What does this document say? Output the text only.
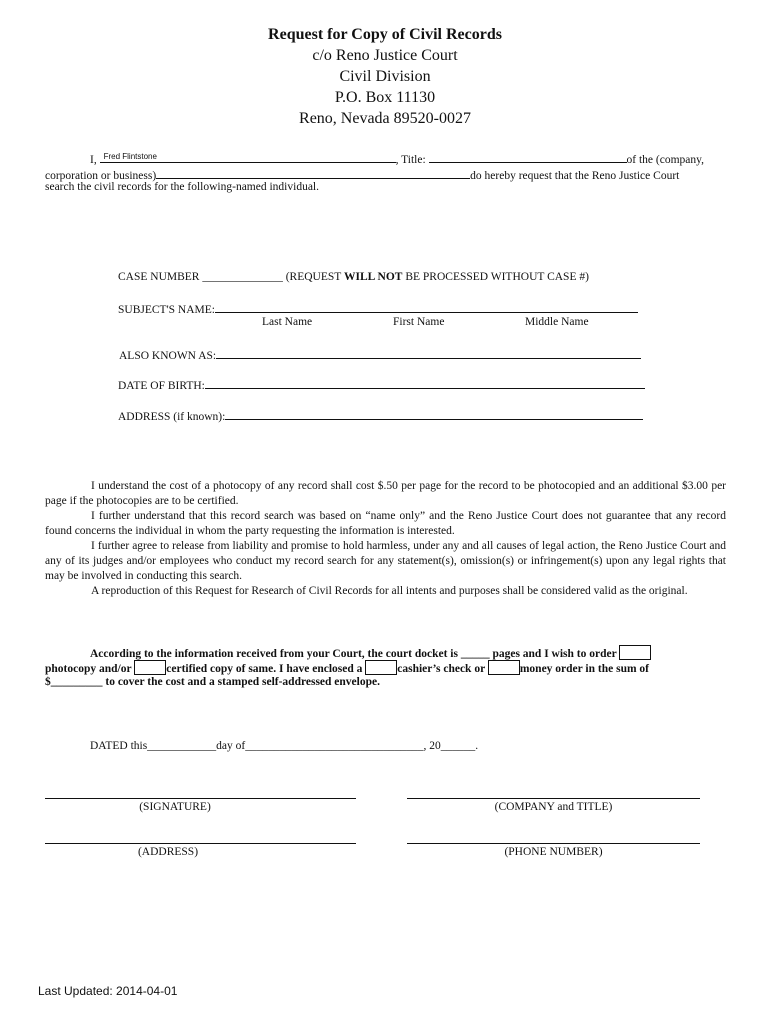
Request for Copy of Civil Records
c/o Reno Justice Court
Civil Division
P.O. Box 11130
Reno, Nevada 89520-0027
I, Fred Flintstone	, Title:	of the (company,
corporation or business)	do hereby request that the Reno Justice Court
search the civil records for the following-named individual.
CASE NUMBER ______________ (REQUEST WILL NOT BE PROCESSED WITHOUT CASE #)
SUBJECT'S NAME:
Last Name	First Name	Middle Name
ALSO KNOWN AS:
DATE OF BIRTH:
ADDRESS (if known):

I understand the cost of a photocopy of any record shall cost $.50 per page for the record to be photocopied and an additional $3.00 per page if the photocopies are to be certified.

I further understand that this record search was based on “name only” and the Reno Justice Court does not guarantee that any record found concerns the individual in whom the party requesting the information is interested.

I further agree to release from liability and promise to hold harmless, under any and all causes of legal action, the Reno Justice Court and any of its judges and/or employees who conduct my record search for any statement(s), omission(s) or infringement(s) upon any legal rights that may be involved in conducting this search.

A reproduction of this Request for Research of Civil Records for all intents and purposes shall be considered valid as the original.

According to the information received from your Court, the court docket is _____ pages and I wish to order
photocopy and/or	certified copy of same. I have enclosed a	cashier’s check or	money order in the sum of
$_________ to cover the cost and a stamped self-addressed envelope.
DATED this____________day of_______________________________, 20______.
(SIGNATURE)	(COMPANY and TITLE)
(ADDRESS)	(PHONE NUMBER)
Last Updated: 2014-04-01
